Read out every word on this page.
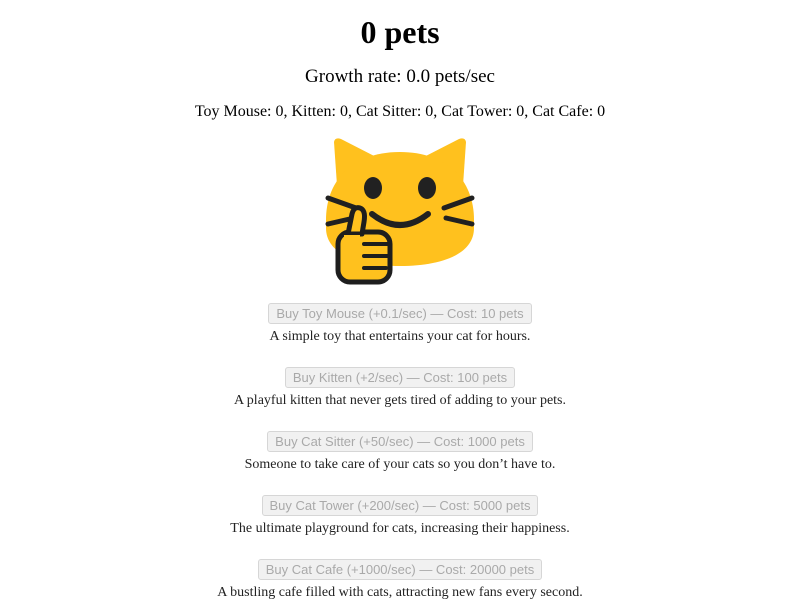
0 pets
Growth rate: 0.0 pets/sec
Toy Mouse: 0, Kitten: 0, Cat Sitter: 0, Cat Tower: 0, Cat Cafe: 0
Buy Toy Mouse (+0.1/sec) — Cost: 10 pets
A simple toy that entertains your cat for hours.
Buy Kitten (+2/sec) — Cost: 100 pets
A playful kitten that never gets tired of adding to your pets.
Buy Cat Sitter (+50/sec) — Cost: 1000 pets
Someone to take care of your cats so you don’t have to.
Buy Cat Tower (+200/sec) — Cost: 5000 pets
The ultimate playground for cats, increasing their happiness.
Buy Cat Cafe (+1000/sec) — Cost: 20000 pets
A bustling cafe filled with cats, attracting new fans every second.
